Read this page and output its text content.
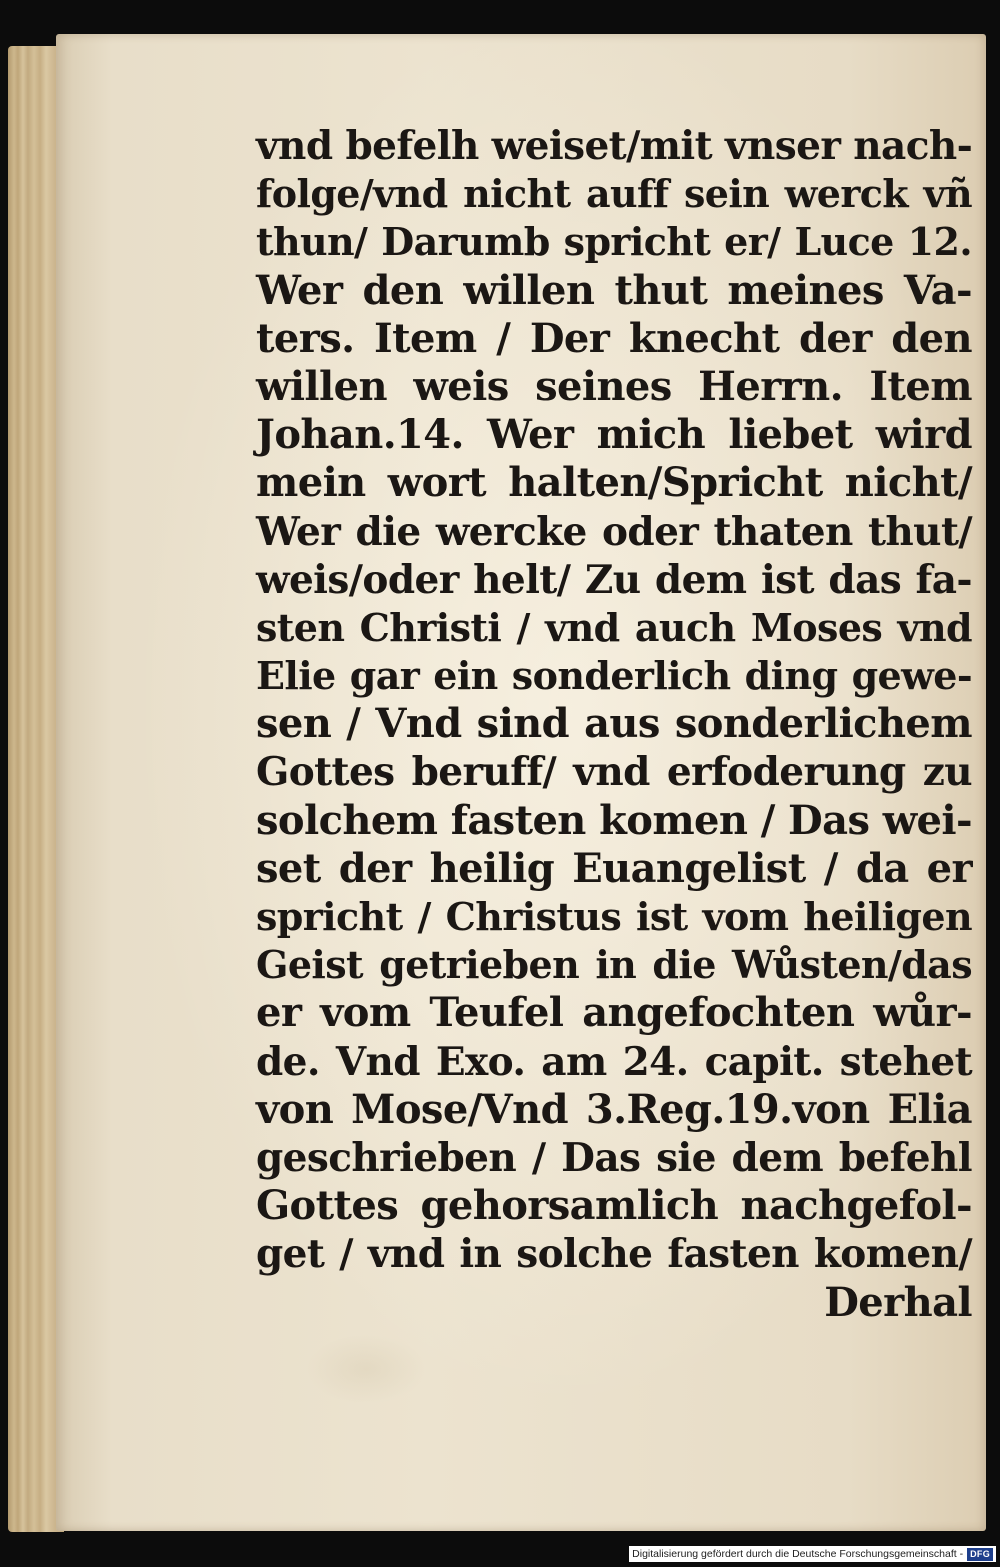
vnd befelh weiset/mit vnser nach-
folge/vnd nicht auff sein werck vñ
thun/ Darumb spricht er/ Luce 12.
Wer den willen thut meines Va-
ters. Item / Der knecht der den
willen weis seines Herrn. Item
Johan.14. Wer mich liebet wird
mein wort halten/Spricht nicht/
Wer die wercke oder thaten thut/
weis/oder helt/ Zu dem ist das fa-
sten Christi / vnd auch Moses vnd
Elie gar ein sonderlich ding gewe-
sen / Vnd sind aus sonderlichem
Gottes beruff/ vnd erfoderung zu
solchem fasten komen / Das wei-
set der heilig Euangelist / da er
spricht / Christus ist vom heiligen
Geist getrieben in die Wůsten/das
er vom Teufel angefochten wůr-
de. Vnd Exo. am 24. capit. stehet
von Mose/Vnd 3.Reg.19.von Elia
geschrieben / Das sie dem befehl
Gottes gehorsamlich nachgefol-
get / vnd in solche fasten komen/
Derhal
Digitalisierung gefördert durch die Deutsche Forschungsgemeinschaft - DFG
